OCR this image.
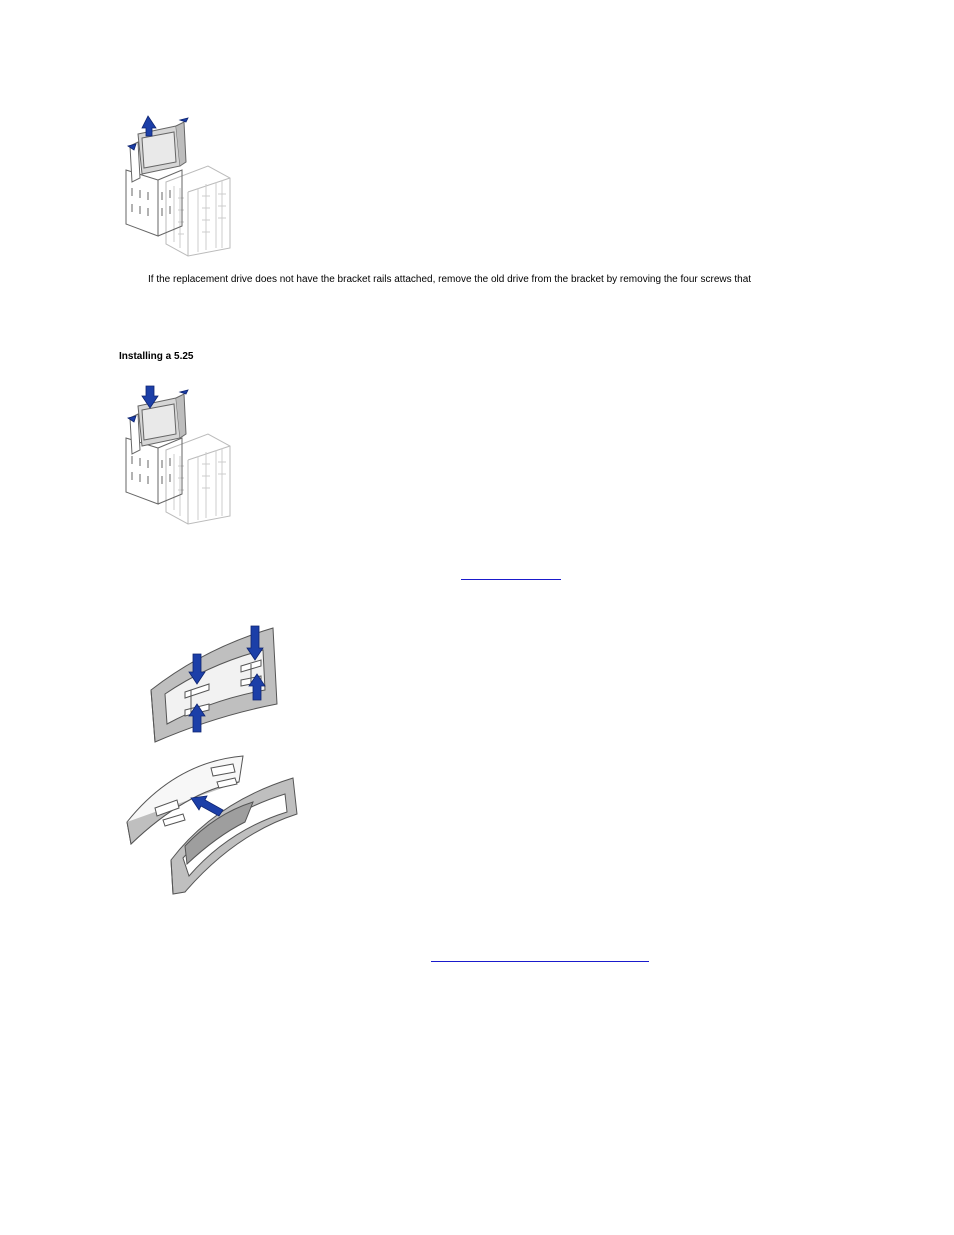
If the replacement drive does not have the bracket rails attached, remove the old drive from the bracket by removing the four screws that
Installing a 5.25
